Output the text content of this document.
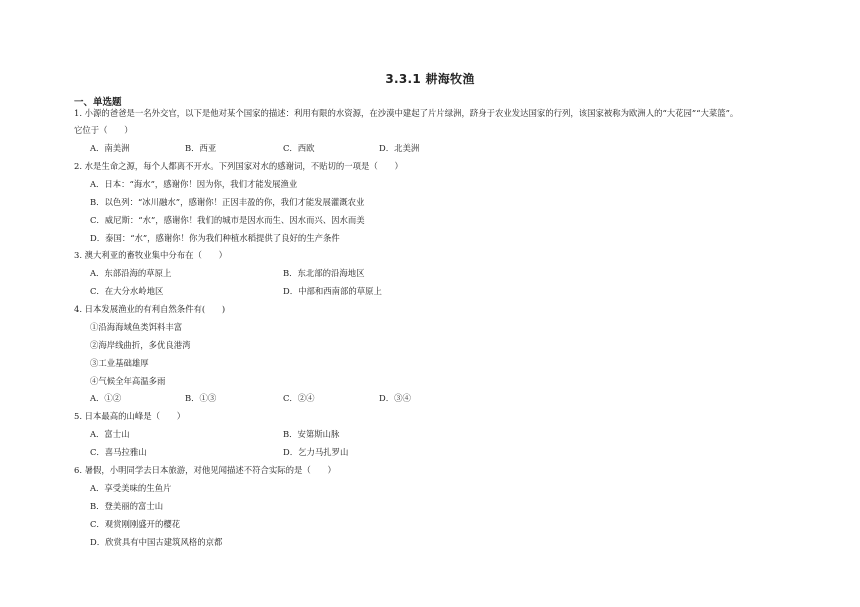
3.3.1 耕海牧渔
一、单选题
1. 小源的爸爸是一名外交官，以下是他对某个国家的描述：利用有限的水资源，在沙漠中建起了片片绿洲，跻身于农业发达国家的行列，该国家被称为欧洲人的“大花园”“大菜篮”。
它位于（　　）
A．南美洲	B．西亚	C．西欧	D．北美洲
2. 水是生命之源，每个人都离不开水。下列国家对水的感谢词，不贴切的一项是（　　）
A．日本：“海水”，感谢你！因为你，我们才能发展渔业
B．以色列：“冰川融水”，感谢你！正因丰盈的你，我们才能发展灌溉农业
C．威尼斯：“水”，感谢你！我们的城市是因水而生、因水而兴、因水而美
D．泰国：“水”，感谢你！你为我们种植水稻提供了良好的生产条件
3. 澳大利亚的畜牧业集中分布在（　　）
A．东部沿海的草原上	B．东北部的沿海地区
C．在大分水岭地区	D．中部和西南部的草原上
4. 日本发展渔业的有利自然条件有(　　)
①沿海海域鱼类饵料丰富
②海岸线曲折，多优良港湾
③工业基础雄厚
④气候全年高温多雨
A．①②	B．①③	C．②④	D．③④
5. 日本最高的山峰是（　　）
A．富士山	B．安第斯山脉
C．喜马拉雅山	D．乞力马扎罗山
6. 暑假，小明同学去日本旅游，对他见闻描述不符合实际的是（　　）
A．享受美味的生鱼片
B．登美丽的富士山
C．观赏刚刚盛开的樱花
D．欣赏具有中国古建筑风格的京都
